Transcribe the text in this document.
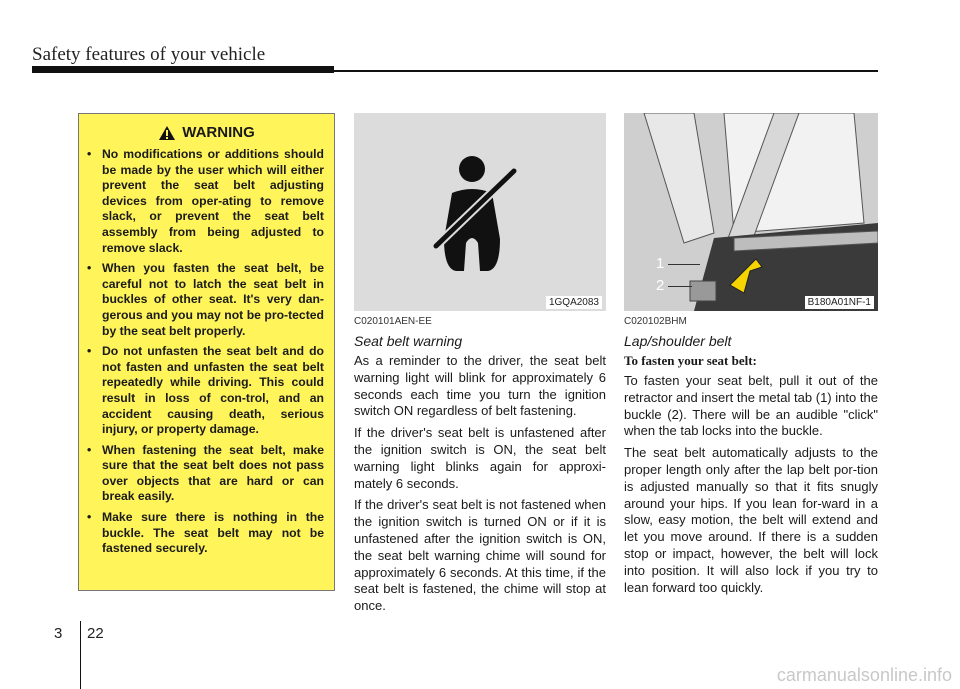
Safety features of your vehicle
WARNING
• No modifications or additions should be made by the user which will either prevent the seat belt adjusting devices from oper-ating to remove slack, or prevent the seat belt assembly from being adjusted to remove slack.
• When you fasten the seat belt, be careful not to latch the seat belt in buckles of other seat. It's very dan-gerous and you may not be pro-tected by the seat belt properly.
• Do not unfasten the seat belt and do not fasten and unfasten the seat belt repeatedly while driving. This could result in loss of con-trol, and an accident causing death, serious injury, or property damage.
• When fastening the seat belt, make sure that the seat belt does not pass over objects that are hard or can break easily.
• Make sure there is nothing in the buckle. The seat belt may not be fastened securely.
1GQA2083
1
2
B180A01NF-1
C020101AEN-EE
Seat belt warning

As a reminder to the driver, the seat belt warning light will blink for approximately 6 seconds each time you turn the ignition switch ON regardless of belt fastening.

If the driver's seat belt is unfastened after the ignition switch is ON, the seat belt warning light blinks again for approxi-mately 6 seconds.

If the driver's seat belt is not fastened when the ignition switch is turned ON or if it is unfastened after the ignition switch is ON, the seat belt warning chime will sound for approximately 6 seconds. At this time, if the seat belt is fastened, the chime will stop at once.

C020102BHM
Lap/shoulder belt
To fasten your seat belt:

To fasten your seat belt, pull it out of the retractor and insert the metal tab (1) into the buckle (2). There will be an audible "click" when the tab locks into the buckle.

The seat belt automatically adjusts to the proper length only after the lap belt por-tion is adjusted manually so that it fits snugly around your hips. If you lean for-ward in a slow, easy motion, the belt will extend and let you move around. If there is a sudden stop or impact, however, the belt will lock into position. It will also lock if you try to lean forward too quickly.

3 22
carmanualsonline.info
